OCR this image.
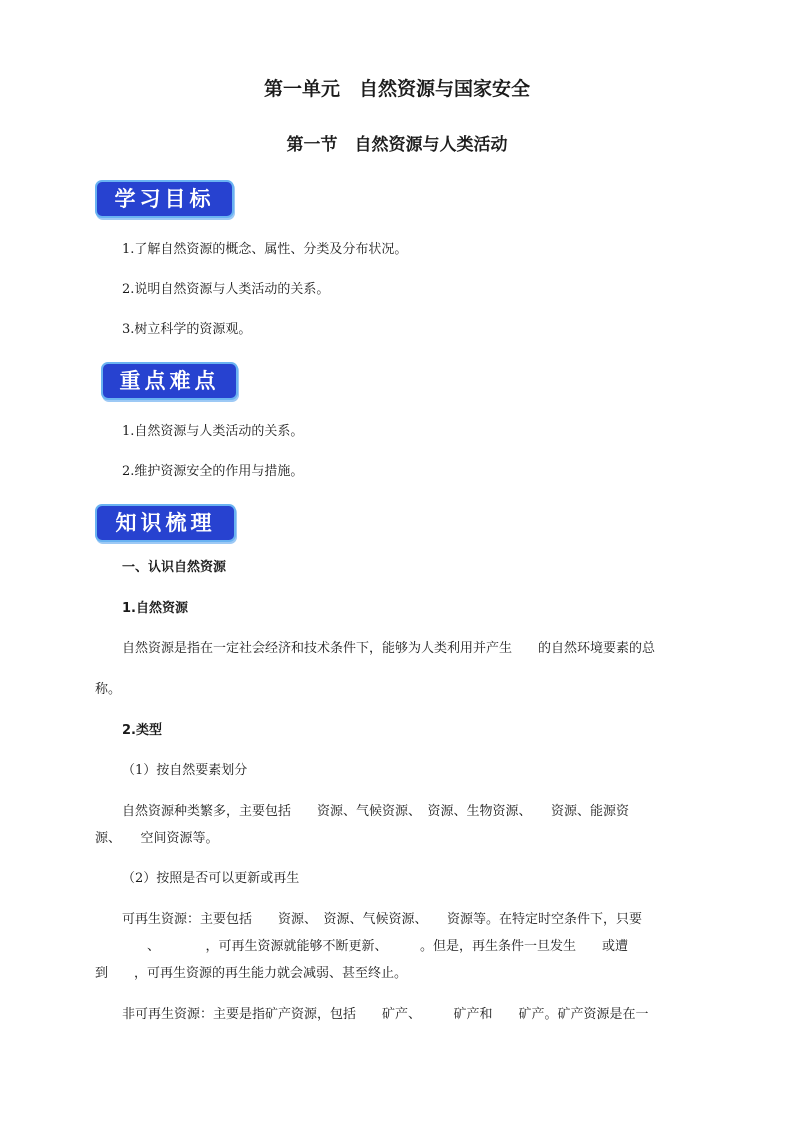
第一单元　自然资源与国家安全
第一节　自然资源与人类活动
学习目标
1.了解自然资源的概念、属性、分类及分布状况。
2.说明自然资源与人类活动的关系。
3.树立科学的资源观。
重点难点
1.自然资源与人类活动的关系。
2.维护资源安全的作用与措施。
知识梳理
一、认识自然资源
1.自然资源
自然资源是指在一定社会经济和技术条件下，能够为人类利用并产生　　的自然环境要素的总
称。
2.类型
（1）按自然要素划分
自然资源种类繁多，主要包括　　资源、气候资源、　资源、生物资源、　　资源、能源资
源、　　空间资源等。
（2）按照是否可以更新或再生
可再生资源：主要包括　　资源、　资源、气候资源、　　资源等。在特定时空条件下，只要
　　　　、　　　　，可再生资源就能够不断更新、　　　。但是，再生条件一旦发生　　或遭
到　　，可再生资源的再生能力就会减弱、甚至终止。
非可再生资源：主要是指矿产资源，包括　　矿产、　　　矿产和　　矿产。矿产资源是在一
